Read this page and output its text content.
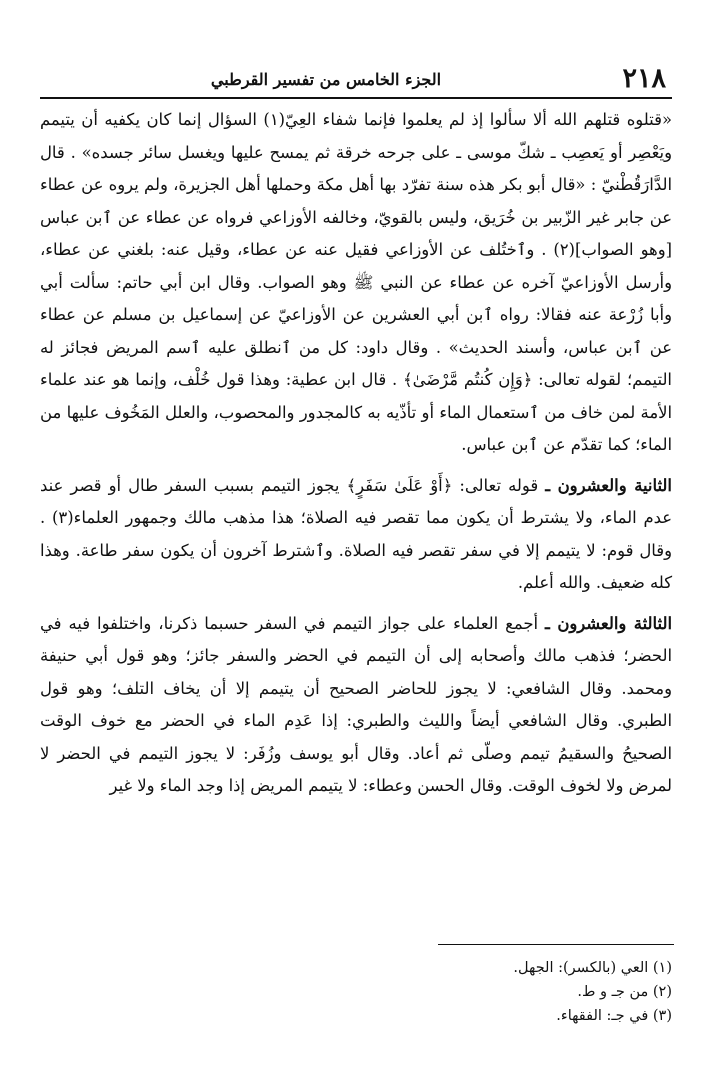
٢١٨
الجزء الخامس من تفسير القرطبي

«قتلوه قتلهم الله ألا سألوا إذ لم يعلموا فإنما شفاء العِيّ(١) السؤال إنما كان يكفيه أن يتيمم ويَعْصِر أو يَعصِب ـ شكّ موسى ـ على جرحه خرقة ثم يمسح عليها ويغسل سائر جسده» . قال الدَّارَقُطْنيّ : «قال أبو بكر هذه سنة تفرّد بها أهل مكة وحملها أهل الجزيرة، ولم يروه عن عطاء عن جابر غير الزّبير بن خُرَيق، وليس بالقويّ، وخالفه الأوزاعي فرواه عن عطاء عن ٱبن عباس [وهو الصواب](٢) . وٱختُلف عن الأوزاعي فقيل عنه عن عطاء، وقيل عنه: بلغني عن عطاء، وأرسل الأوزاعيّ آخره عن عطاء عن النبي ﷺ وهو الصواب. وقال ابن أبي حاتم: سألت أبي وأبا زُرْعة عنه فقالا: رواه ٱبن أبي العشرين عن الأوزاعيّ عن إسماعيل بن مسلم عن عطاء عن ٱبن عباس، وأسند الحديث» . وقال داود: كل من ٱنطلق عليه ٱسم المريض فجائز له التيمم؛ لقوله تعالى: ﴿وَإِن كُنتُم مَّرْضَىٰ﴾ . قال ابن عطية: وهذا قول خُلْف، وإنما هو عند علماء الأمة لمن خاف من ٱستعمال الماء أو تأذّيه به كالمجدور والمحصوب، والعلل المَخُوف عليها من الماء؛ كما تقدّم عن ٱبن عباس.

الثانية والعشرون ـ قوله تعالى: ﴿أَوْ عَلَىٰ سَفَرٍ﴾ يجوز التيمم بسبب السفر طال أو قصر عند عدم الماء، ولا يشترط أن يكون مما تقصر فيه الصلاة؛ هذا مذهب مالك وجمهور العلماء(٣) . وقال قوم: لا يتيمم إلا في سفر تقصر فيه الصلاة. وٱشترط آخرون أن يكون سفر طاعة. وهذا كله ضعيف. والله أعلم.

الثالثة والعشرون ـ أجمع العلماء على جواز التيمم في السفر حسبما ذكرنا، واختلفوا فيه في الحضر؛ فذهب مالك وأصحابه إلى أن التيمم في الحضر والسفر جائز؛ وهو قول أبي حنيفة ومحمد. وقال الشافعي: لا يجوز للحاضر الصحيح أن يتيمم إلا أن يخاف التلف؛ وهو قول الطبري. وقال الشافعي أيضاً والليث والطبري: إذا عَدِم الماء في الحضر مع خوف الوقت الصحيحُ والسقيمُ تيمم وصلّى ثم أعاد. وقال أبو يوسف وزُفَر: لا يجوز التيمم في الحضر لا لمرض ولا لخوف الوقت. وقال الحسن وعطاء: لا يتيمم المريض إذا وجد الماء ولا غير

(١) العي (بالكسر): الجهل.
(٢) من جـ و ط.
(٣) في جـ: الفقهاء.
